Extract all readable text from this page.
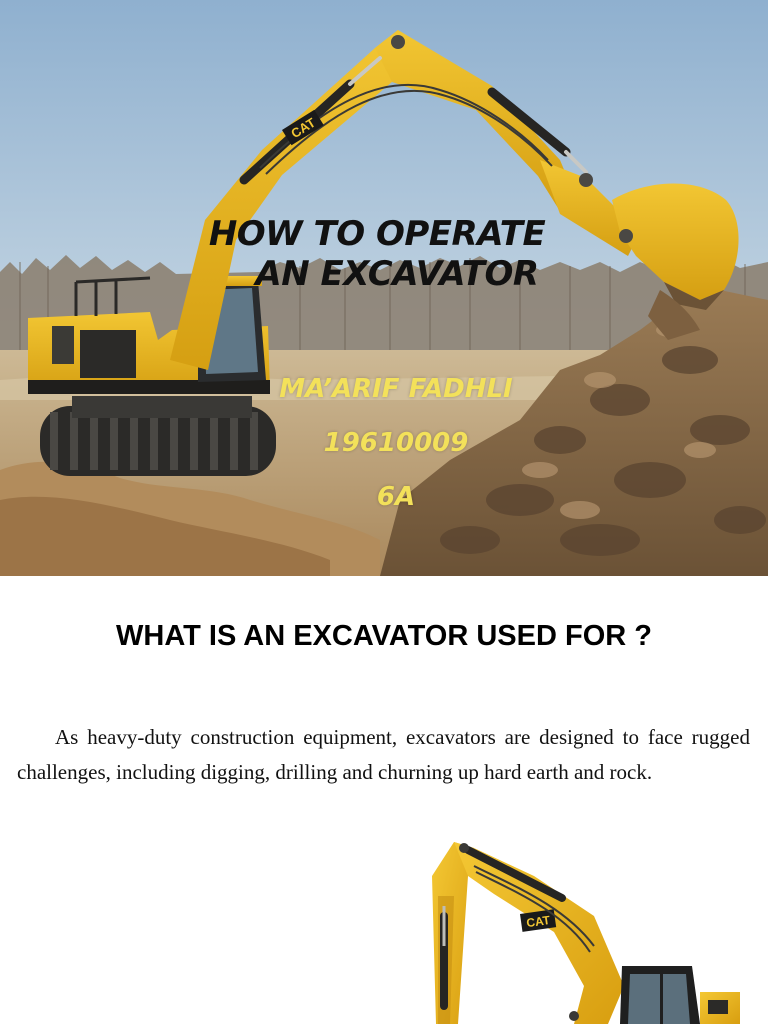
CAT
HOW TO OPERATE
AN EXCAVATOR
MA’ARIF FADHLI
19610009
6A
WHAT IS AN EXCAVATOR USED FOR ?
As heavy-duty construction equipment, excavators are designed to face rugged challenges, including digging, drilling and churning up hard earth and rock.
CAT
